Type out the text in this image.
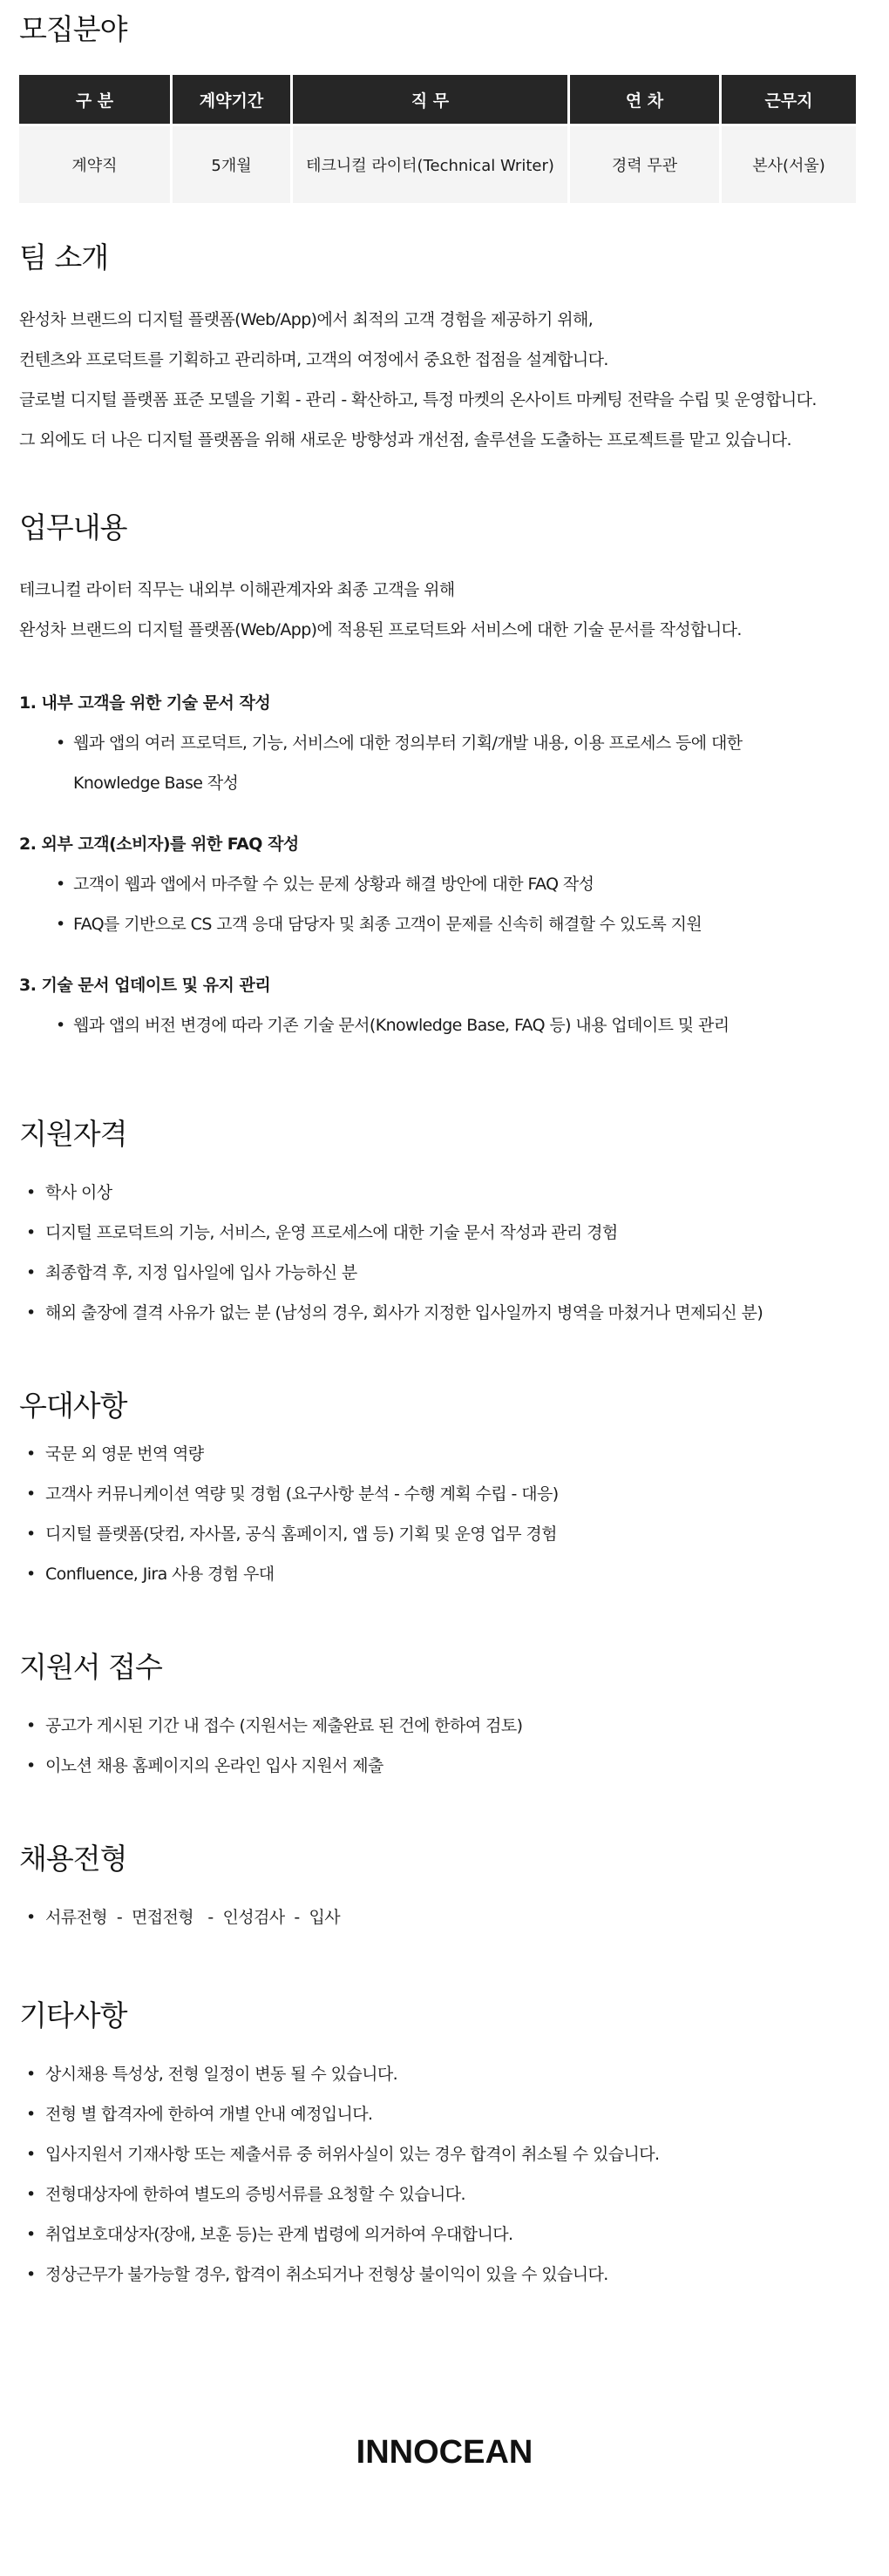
모집분야
구 분	계약기간	직 무	연 차	근무지
계약직	5개월	테크니컬 라이터(Technical Writer)	경력 무관	본사(서울)
팀 소개

완성차 브랜드의 디지털 플랫폼(Web/App)에서 최적의 고객 경험을 제공하기 위해,

컨텐츠와 프로덕트를 기획하고 관리하며, 고객의 여정에서 중요한 접점을 설계합니다.

글로벌 디지털 플랫폼 표준 모델을 기획 - 관리 - 확산하고, 특정 마켓의 온사이트 마케팅 전략을 수립 및 운영합니다.

그 외에도 더 나은 디지털 플랫폼을 위해 새로운 방향성과 개선점, 솔루션을 도출하는 프로젝트를 맡고 있습니다.

업무내용

테크니컬 라이터 직무는 내외부 이해관계자와 최종 고객을 위해

완성차 브랜드의 디지털 플랫폼(Web/App)에 적용된 프로덕트와 서비스에 대한 기술 문서를 작성합니다.

1. 내부 고객을 위한 기술 문서 작성

• 웹과 앱의 여러 프로덕트, 기능, 서비스에 대한 정의부터 기획/개발 내용, 이용 프로세스 등에 대한

Knowledge Base 작성

2. 외부 고객(소비자)를 위한 FAQ 작성

• 고객이 웹과 앱에서 마주할 수 있는 문제 상황과 해결 방안에 대한 FAQ 작성
• FAQ를 기반으로 CS 고객 응대 담당자 및 최종 고객이 문제를 신속히 해결할 수 있도록 지원

3. 기술 문서 업데이트 및 유지 관리

• 웹과 앱의 버전 변경에 따라 기존 기술 문서(Knowledge Base, FAQ 등) 내용 업데이트 및 관리
지원자격
• 학사 이상
• 디지털 프로덕트의 기능, 서비스, 운영 프로세스에 대한 기술 문서 작성과 관리 경험
• 최종합격 후, 지정 입사일에 입사 가능하신 분
• 해외 출장에 결격 사유가 없는 분 (남성의 경우, 회사가 지정한 입사일까지 병역을 마쳤거나 면제되신 분)
우대사항
• 국문 외 영문 번역 역량
• 고객사 커뮤니케이션 역량 및 경험 (요구사항 분석 - 수행 계획 수립 - 대응)
• 디지털 플랫폼(닷컴, 자사몰, 공식 홈페이지, 앱 등) 기획 및 운영 업무 경험
• Confluence, Jira 사용 경험 우대
지원서 접수
• 공고가 게시된 기간 내 접수 (지원서는 제출완료 된 건에 한하여 검토)
• 이노션 채용 홈페이지의 온라인 입사 지원서 제출
채용전형
• 서류전형  -  면접전형   -  인성검사  -  입사
기타사항
• 상시채용 특성상, 전형 일정이 변동 될 수 있습니다.
• 전형 별 합격자에 한하여 개별 안내 예정입니다.
• 입사지원서 기재사항 또는 제출서류 중 허위사실이 있는 경우 합격이 취소될 수 있습니다.
• 전형대상자에 한하여 별도의 증빙서류를 요청할 수 있습니다.
• 취업보호대상자(장애, 보훈 등)는 관계 법령에 의거하여 우대합니다.
• 정상근무가 불가능할 경우, 합격이 취소되거나 전형상 불이익이 있을 수 있습니다.
INNOCEAN
